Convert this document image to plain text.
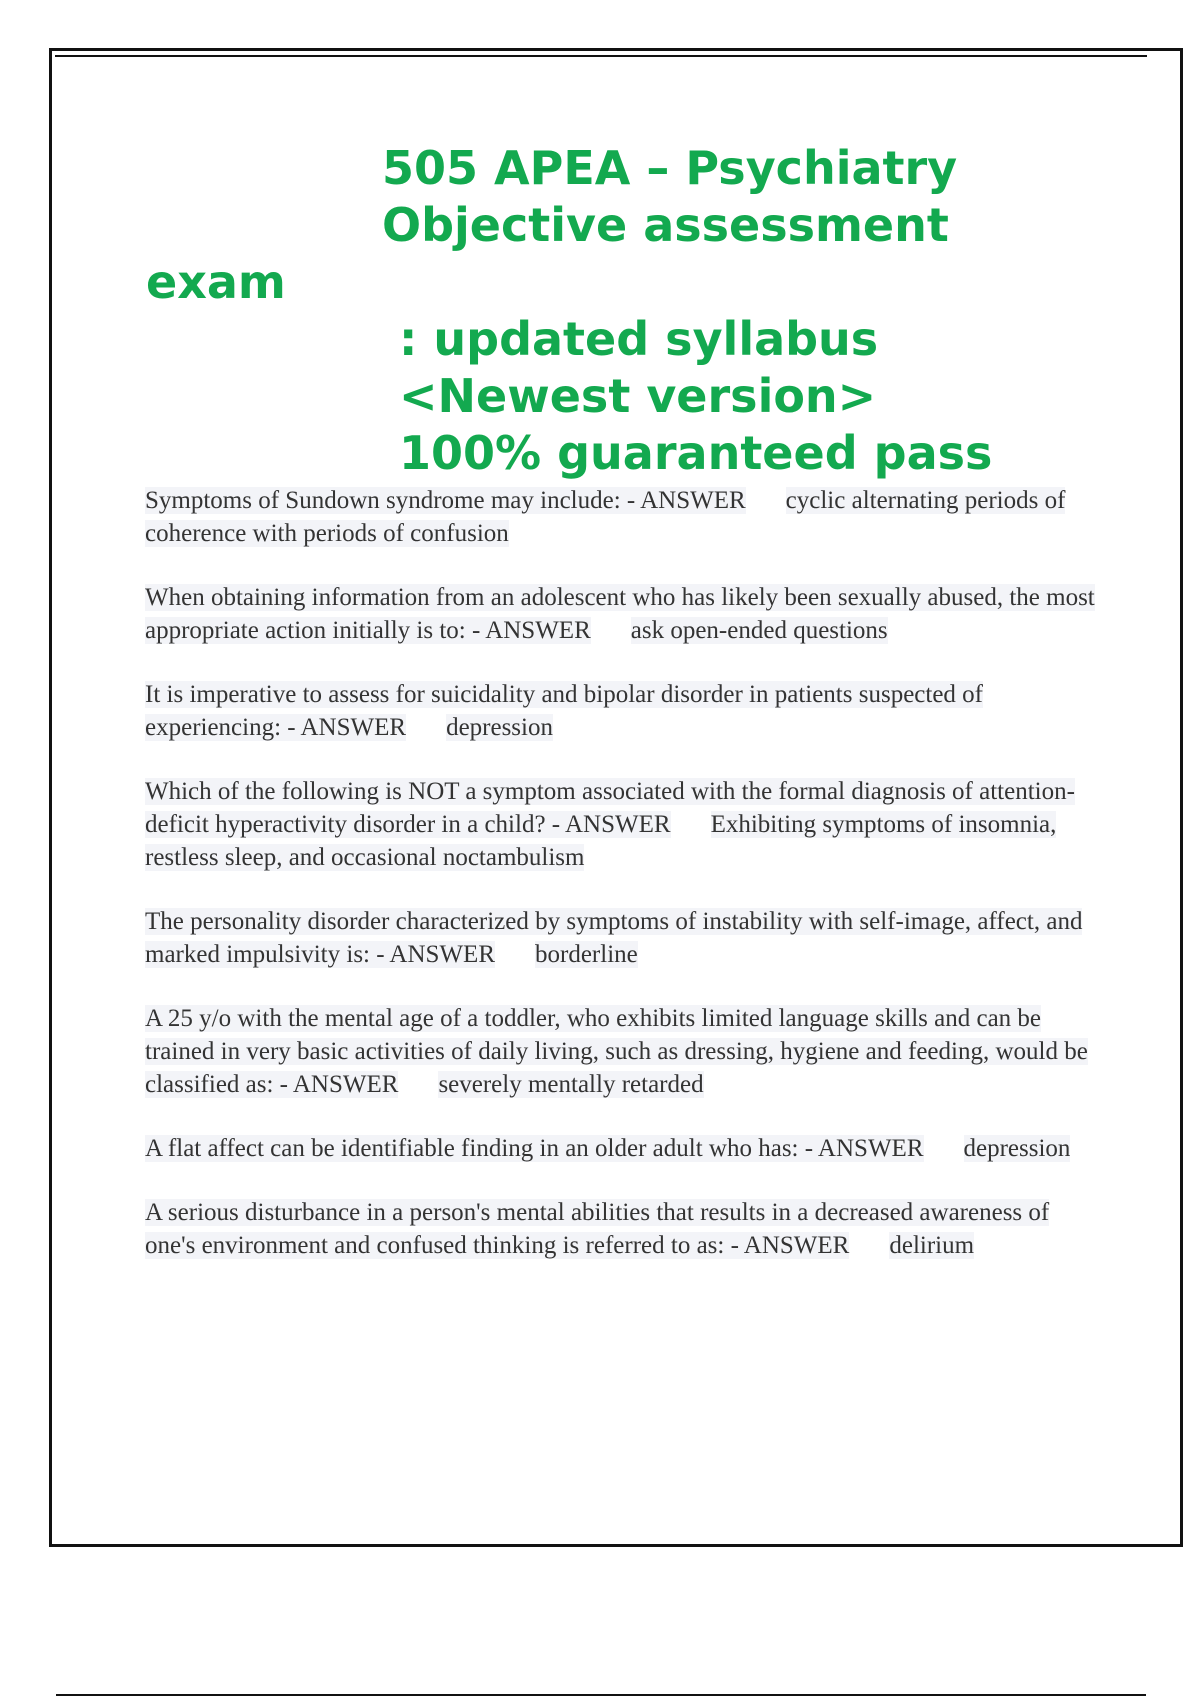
505 APEA – Psychiatry
Objective assessment
exam
: updated syllabus
<Newest version>
100% guaranteed pass

Symptoms of Sundown syndrome may include: - ANSWER cyclic alternating periods of coherence with periods of confusion

When obtaining information from an adolescent who has likely been sexually abused, the most appropriate action initially is to: - ANSWER ask open-ended questions

It is imperative to assess for suicidality and bipolar disorder in patients suspected of experiencing: - ANSWER depression

Which of the following is NOT a symptom associated with the formal diagnosis of attention-deficit hyperactivity disorder in a child? - ANSWER Exhibiting symptoms of insomnia, restless sleep, and occasional noctambulism

The personality disorder characterized by symptoms of instability with self-image, affect, and marked impulsivity is: - ANSWER borderline

A 25 y/o with the mental age of a toddler, who exhibits limited language skills and can be trained in very basic activities of daily living, such as dressing, hygiene and feeding, would be classified as: - ANSWER severely mentally retarded

A flat affect can be identifiable finding in an older adult who has: - ANSWER depression

A serious disturbance in a person's mental abilities that results in a decreased awareness of one's environment and confused thinking is referred to as: - ANSWER delirium
